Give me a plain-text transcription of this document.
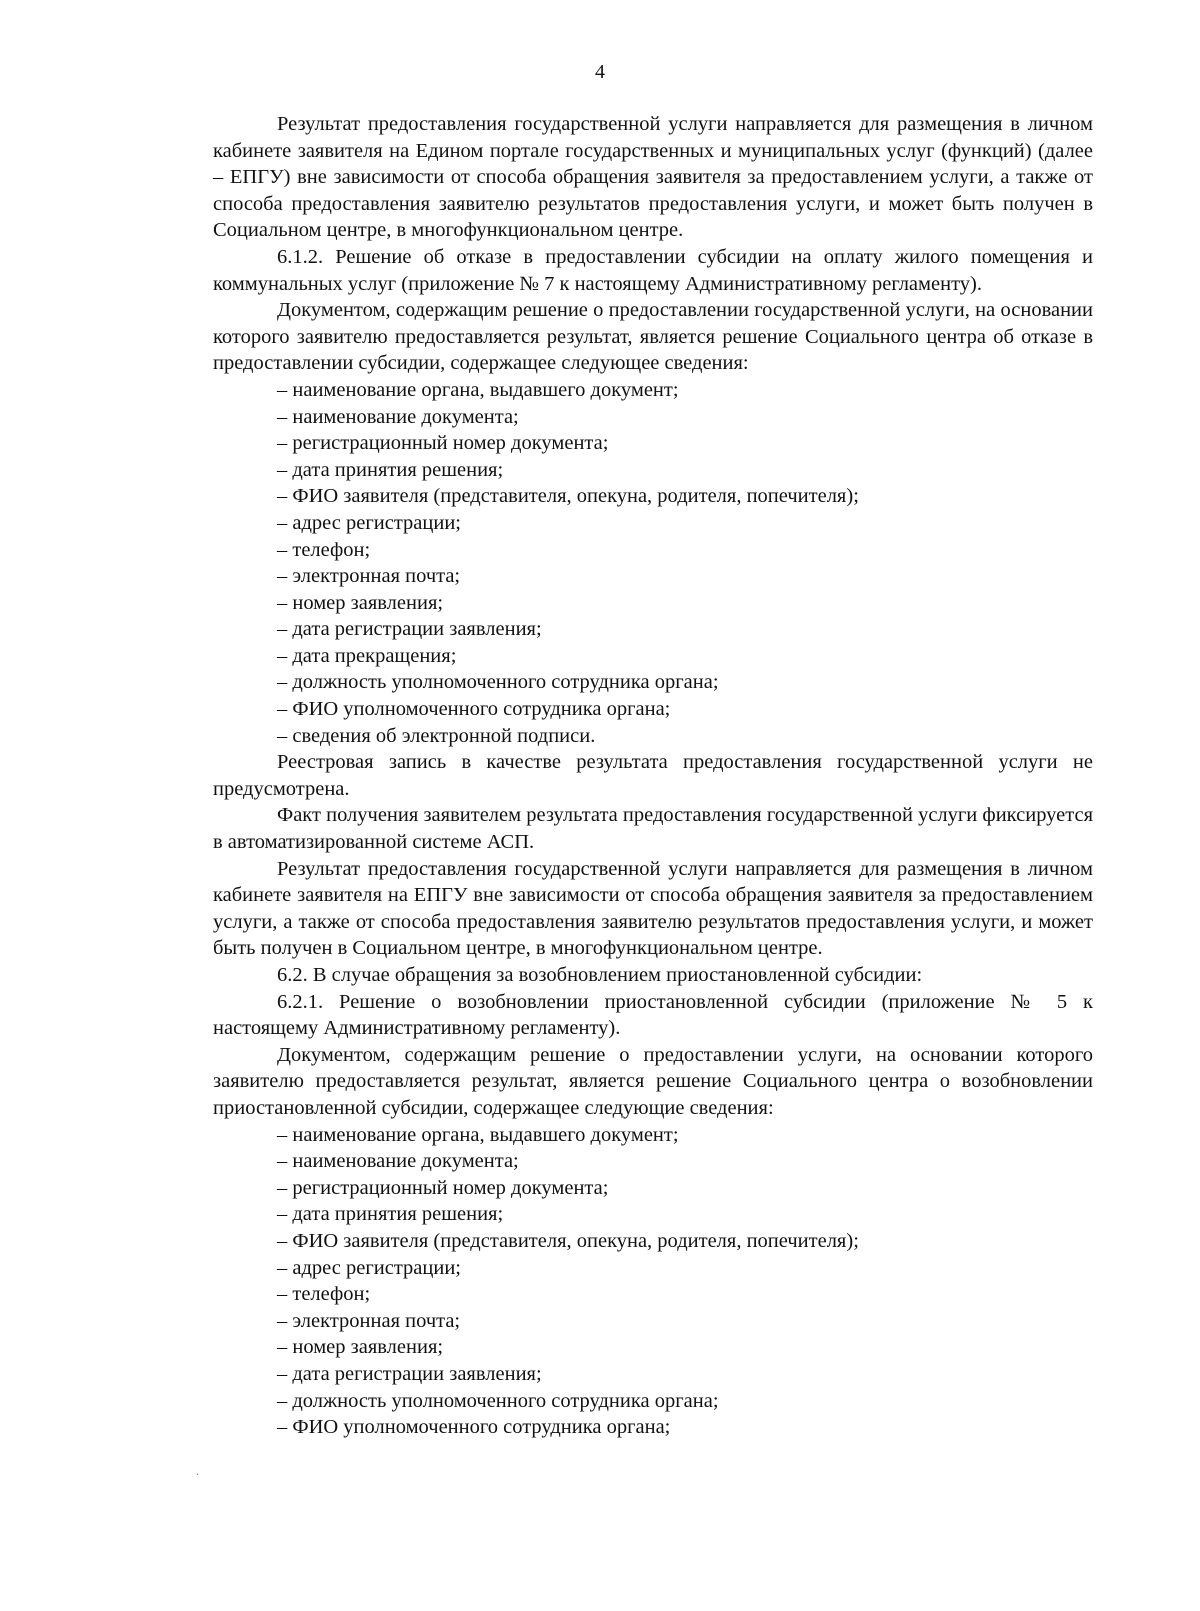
4

Результат предоставления государственной услуги направляется для размещения в личном кабинете заявителя на Едином портале государственных и муниципальных услуг (функций) (далее – ЕПГУ) вне зависимости от способа обращения заявителя за предоставлением услуги, а также от способа предоставления заявителю результатов предоставления услуги, и может быть получен в Социальном центре, в многофункциональном центре.

6.1.2. Решение об отказе в предоставлении субсидии на оплату жилого помещения и коммунальных услуг (приложение № 7 к настоящему Административному регламенту).

Документом, содержащим решение о предоставлении государственной услуги, на основании которого заявителю предоставляется результат, является решение Социального центра об отказе в предоставлении субсидии, содержащее следующее сведения:

– наименование органа, выдавшего документ;
– наименование документа;
– регистрационный номер документа;
– дата принятия решения;
– ФИО заявителя (представителя, опекуна, родителя, попечителя);
– адрес регистрации;
– телефон;
– электронная почта;
– номер заявления;
– дата регистрации заявления;
– дата прекращения;
– должность уполномоченного сотрудника органа;
– ФИО уполномоченного сотрудника органа;
– сведения об электронной подписи.

Реестровая запись в качестве результата предоставления государственной услуги не предусмотрена.

Факт получения заявителем результата предоставления государственной услуги фиксируется в автоматизированной системе АСП.

Результат предоставления государственной услуги направляется для размещения в личном кабинете заявителя на ЕПГУ вне зависимости от способа обращения заявителя за предоставлением услуги, а также от способа предоставления заявителю результатов предоставления услуги, и может быть получен в Социальном центре, в многофункциональном центре.

6.2. В случае обращения за возобновлением приостановленной субсидии:

6.2.1. Решение о возобновлении приостановленной субсидии (приложение № 5 к настоящему Административному регламенту).

Документом, содержащим решение о предоставлении услуги, на основании которого заявителю предоставляется результат, является решение Социального центра о возобновлении приостановленной субсидии, содержащее следующие сведения:

– наименование органа, выдавшего документ;
– наименование документа;
– регистрационный номер документа;
– дата принятия решения;
– ФИО заявителя (представителя, опекуна, родителя, попечителя);
– адрес регистрации;
– телефон;
– электронная почта;
– номер заявления;
– дата регистрации заявления;
– должность уполномоченного сотрудника органа;
– ФИО уполномоченного сотрудника органа;
·
